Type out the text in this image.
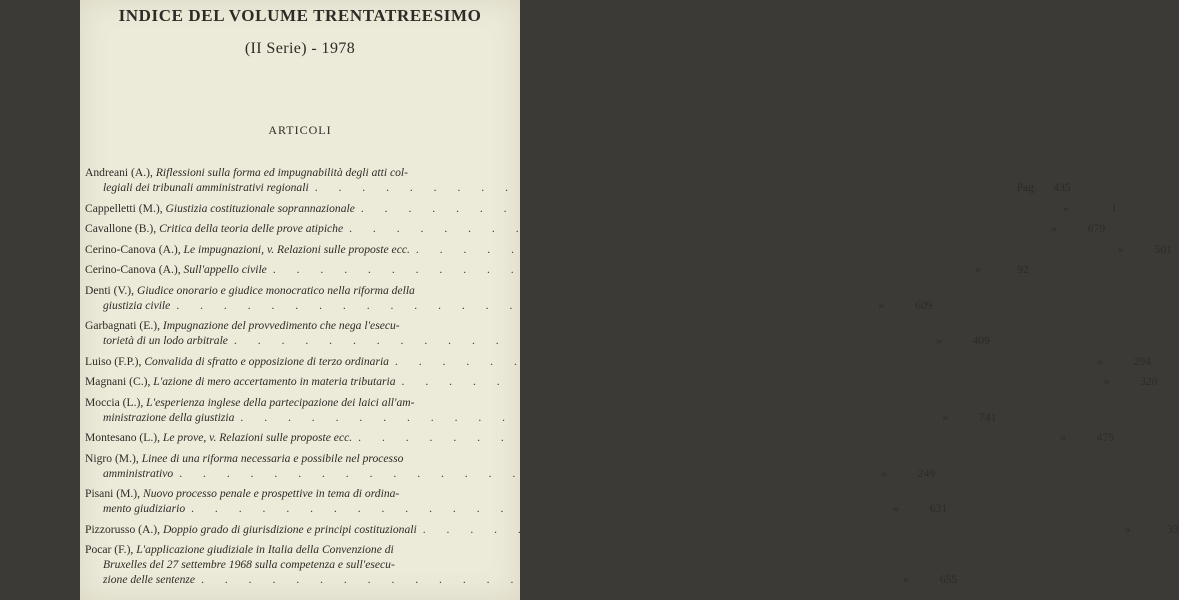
INDICE DEL VOLUME TRENTATREESIMO
(II Serie) - 1978
ARTICOLI
Andreani (A.), Riflessioni sulla forma ed impugnabilità degli atti col-
legiali dei tribunali amministrativi regionali . . . . . . . . . . . . . . . . . . . . . . . . . . . . . . Pag.	435
Cappelletti (M.), Giustizia costituzionale soprannazionale . . . . . . . . . . . . . . . . . . . . . . . . . . . . . . »	1
Cavallone (B.), Critica della teoria delle prove atipiche . . . . . . . . . . . . . . . . . . . . . . . . . . . . . . »	679
Cerino-Canova (A.), Le impugnazioni, v. Relazioni sulle proposte ecc. . . . . . . . . . . . . . . . . . . . . . . . . . . . . . . »	501
Cerino-Canova (A.), Sull'appello civile . . . . . . . . . . . . . . . . . . . . . . . . . . . . . . »	92
Denti (V.), Giudice onorario e giudice monocratico nella riforma della
giustizia civile . . . . . . . . . . . . . . . . . . . . . . . . . . . . . . »	609
Garbagnati (E.), Impugnazione del provvedimento che nega l'esecu-
torietà di un lodo arbitrale . . . . . . . . . . . . . . . . . . . . . . . . . . . . . . »	409
Luiso (F.P.), Convalida di sfratto e opposizione di terzo ordinaria . . . . . . . . . . . . . . . . . . . . . . . . . . . . . . »	294
Magnani (C.), L'azione di mero accertamento in materia tributaria . . . . . . . . . . . . . . . . . . . . . . . . . . . . . . »	320
Moccia (L.), L'esperienza inglese della partecipazione dei laici all'am-
ministrazione della giustizia . . . . . . . . . . . . . . . . . . . . . . . . . . . . . . »	741
Montesano (L.), Le prove, v. Relazioni sulle proposte ecc. . . . . . . . . . . . . . . . . . . . . . . . . . . . . . . »	475
Nigro (M.), Linee di una riforma necessaria e possibile nel processo
amministrativo . . . . . . . . . . . . . . . . . . . . . . . . . . . . . . »	249
Pisani (M.), Nuovo processo penale e prospettive in tema di ordina-
mento giudiziario . . . . . . . . . . . . . . . . . . . . . . . . . . . . . . »	631
Pizzorusso (A.), Doppio grado di giurisdizione e principi costituzionali . . . . . . . . . . . . . . . . . . . . . . . . . . . . . . »	33
Pocar (F.), L'applicazione giudiziale in Italia della Convenzione di
Bruxelles del 27 settembre 1968 sulla competenza e sull'esecu-
zione delle sentenze . . . . . . . . . . . . . . . . . . . . . . . . . . . . . . »	655
